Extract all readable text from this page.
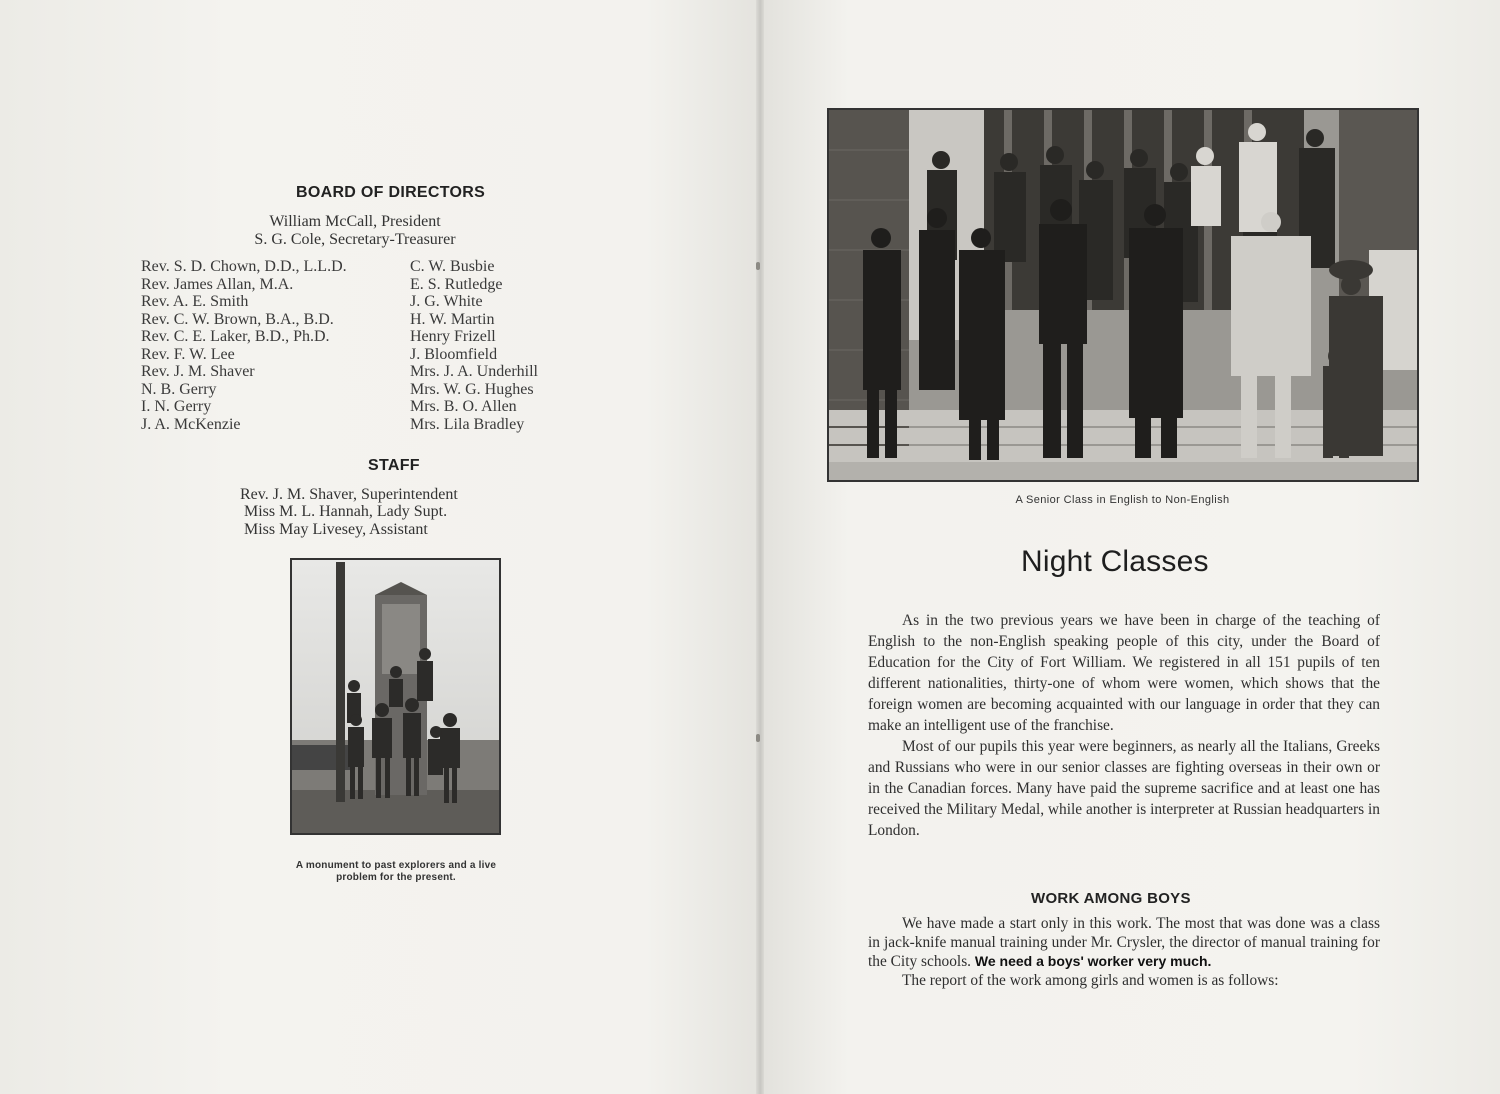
BOARD OF DIRECTORS
William McCall, President
S. G. Cole, Secretary-Treasurer
Rev. S. D. Chown, D.D., L.L.D.
Rev. James Allan, M.A.
Rev. A. E. Smith
Rev. C. W. Brown, B.A., B.D.
Rev. C. E. Laker, B.D., Ph.D.
Rev. F. W. Lee
Rev. J. M. Shaver
N. B. Gerry
I. N. Gerry
J. A. McKenzie
C. W. Busbie
E. S. Rutledge
J. G. White
H. W. Martin
Henry Frizell
J. Bloomfield
Mrs. J. A. Underhill
Mrs. W. G. Hughes
Mrs. B. O. Allen
Mrs. Lila Bradley
STAFF
Rev. J. M. Shaver, Superintendent
Miss M. L. Hannah, Lady Supt.
Miss May Livesey, Assistant
A monument to past explorers and a live
problem for the present.
A Senior Class in English to Non-English
Night Classes

As in the two previous years we have been in charge of the teaching of English to the non-English speaking people of this city, under the Board of Education for the City of Fort William. We registered in all 151 pupils of ten different nationalities, thirty-one of whom were women, which shows that the foreign women are becoming acquainted with our language in order that they can make an intelligent use of the franchise.

Most of our pupils this year were beginners, as nearly all the Italians, Greeks and Russians who were in our senior classes are fighting overseas in their own or in the Canadian forces. Many have paid the supreme sacrifice and at least one has received the Military Medal, while another is interpreter at Russian headquarters in London.

WORK AMONG BOYS

We have made a start only in this work. The most that was done was a class in jack-knife manual training under Mr. Crysler, the director of manual training for the City schools. We need a boys' worker very much.

The report of the work among girls and women is as follows:
